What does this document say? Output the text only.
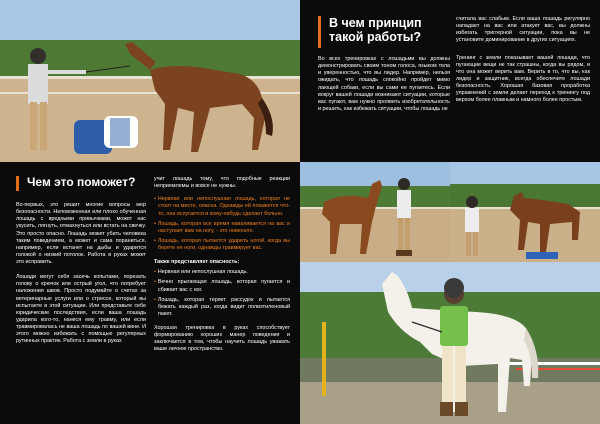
В чем принцип
такой работы?

Во всех тренировках с лошадьми вы должны демонстрировать своим тоном голоса, языком тела и уверенностью, что вы лидер. Например, нельзя ожидать, что лошадь спокойно пройдет мимо лающей собаки, если вы сами ее пугаетесь. Если вокруг вашей лошади возникают ситуации, которые вас пугают, вам нужно проявить изобретательность и решить, как избежать ситуации, чтобы лошадь не

считала вас слабым. Если ваша лошадь регулярно нападает на вас или атакует вас, вы должны избегать триггерной ситуации, пока вы не установите доминирование в других ситуациях.

Тренинг с земли показывает вашей лошади, что пугающие вещи не так страшны, когда вы рядом, и что она может верить вам. Верить в то, что вы, как лидер и защитник, всегда обеспечите лошади безопасность. Хорошая базовая проработка упражнений с земли делает переход к тренингу под верхом более плавным и намного более простым.

Чем это поможет?

Во-первых, это решит многие вопросы мер безопасности. Неповоженная или плохо обученная лошадь с вредными привычками, может нас укусить, лягнуть, отмахнуться или встать на свечку. Это просто опасно. Лошадь может убить человека таким поведением, а может и сама пораниться, например, если встанет на дыбы и ударится головой о низкий потолок. Работа в руках может это исправить.

Лошади могут себя засечь копытами, порезать голову о крючок или острый угол, что потребует наложения швов. Просто подумайте о счетах за ветеринарные услуги или о стрессе, который вы испытаете в этой ситуации. Или представьте себе юридические последствия, если ваша лошадь ударила кого-то, нанеся ему травму, или если травмировалась не ваша лошадь по вашей вине. И этого можно избежать с помощью регулярных рутинных практик. Работа с земли в руках

учит лошадь тому, что подобные реакции неприемлемы и вовсе не нужны.

• Нервная или непослушная лошадь, которая не стоит на месте, опасна. Однажды ей покажется что-то, она испугается и кому-нибудь сделает больно.
• Лошадь, которая все время наваливается на вас и наступает вам на ногу, - это невесело.
• Лошадь, которая пытается ударить ногой, когда вы берете ее ноги, однажды травмирует вас.

Также представляет опасность:

• Нервная или непослушная лошадь.
• Вечно прыгающая лошадь, которая пугается и сбивает вас с ног.
• Лошадь, которая теряет рассудок и пытается бежать каждый раз, когда видит полиэтиленовый пакет.

Хорошая тренировка в руках способствует формированию хороших манер поведения и заключается в том, чтобы научить лошадь уважать ваше личное пространство.
